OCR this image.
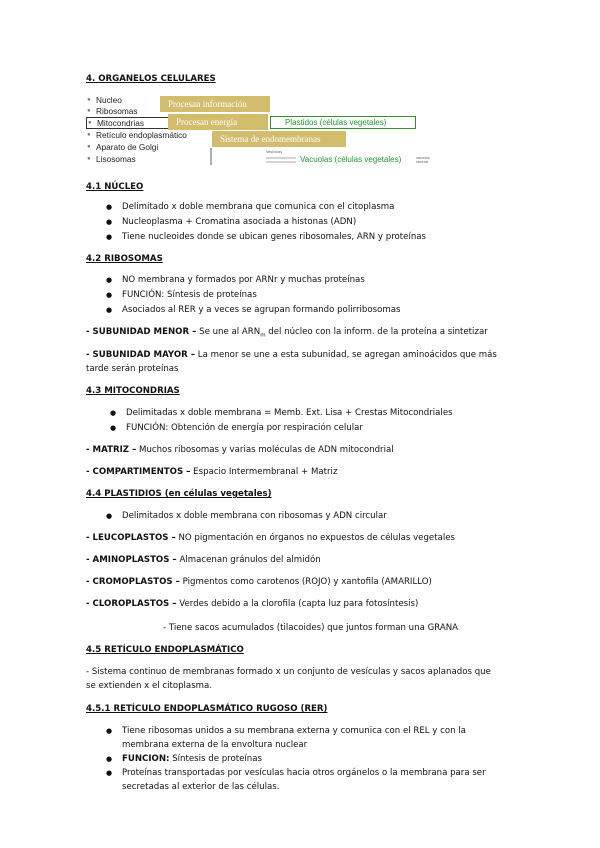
4. ORGANELOS CELULARES
● Nucleo
● Ribosomas
● Mitocondrias
● Retículo endoplasmático
● Aparato de Golgi
● Lisosomas
Procesan información
Procesan energía	Plastidos (células vegetales)
Sistema de endomembranas
Vesículas
Vacuolas (células vegetales)	vacuola central
4.1 NÚCLEO
● Delimitado x doble membrana que comunica con el citoplasma
● Nucleoplasma + Cromatina asociada a histonas (ADN)
● Tiene nucleoides donde se ubican genes ribosomales, ARN y proteínas
4.2 RIBOSOMAS
● NO membrana y formados por ARNr y muchas proteínas
● FUNCIÓN: Síntesis de proteínas
● Asociados al RER y a veces se agrupan formando polirribosomas
- SUBUNIDAD MENOR – Se une al $ARN_m$ del núcleo con la inform. de la proteína a sintetizar
- SUBUNIDAD MAYOR – La menor se une a esta subunidad, se agregan aminoácidos que más
tarde serán proteínas
4.3 MITOCONDRIAS
● Delimitadas x doble membrana = Memb. Ext. Lisa + Crestas Mitocondriales
● FUNCIÓN: Obtención de energía por respiración celular
- MATRIZ – Muchos ribosomas y varias moléculas de ADN mitocondrial
- COMPARTIMENTOS – Espacio Intermembranal + Matriz
4.4 PLASTIDIOS (en células vegetales)
● Delimitados x doble membrana con ribosomas y ADN circular
- LEUCOPLASTOS – NO pigmentación en órganos no expuestos de células vegetales
- AMINOPLASTOS – Almacenan gránulos del almidón
- CROMOPLASTOS – Pigmentos como carotenos (ROJO) y xantofila (AMARILLO)
- CLOROPLASTOS – Verdes debido a la clorofila (capta luz para fotosíntesis)
- Tiene sacos acumulados (tilacoides) que juntos forman una GRANA
4.5 RETÍCULO ENDOPLASMÁTICO
- Sistema continuo de membranas formado x un conjunto de vesículas y sacos aplanados que
se extienden x el citoplasma.
4.5.1 RETÍCULO ENDOPLASMÁTICO RUGOSO (RER)
● Tiene ribosomas unidos a su membrana externa y comunica con el REL y con la
membrana externa de la envoltura nuclear
● FUNCION: Síntesis de proteínas
● Proteínas transportadas por vesículas hacia otros orgánelos o la membrana para ser
secretadas al exterior de las células.
